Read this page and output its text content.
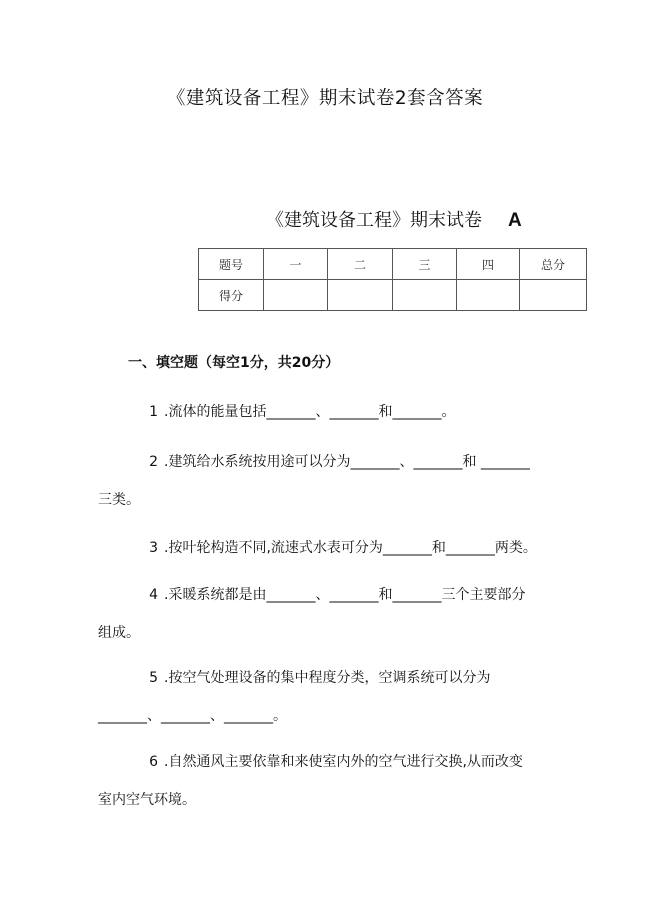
《建筑设备工程》期末试卷2套含答案
《建筑设备工程》期末试卷 A
题号	一	二	三	四	总分
得分					
一、填空题（每空1分，共20分）
1 .流体的能量包括_______、_______和_______。
2 .建筑给水系统按用途可以分为_______、_______和 _______
三类。
3 .按叶轮构造不同,流速式水表可分为_______和_______两类。
4 .采暖系统都是由_______、_______和_______三个主要部分
组成。
5 .按空气处理设备的集中程度分类，空调系统可以分为
_______、_______、_______。
6 .自然通风主要依靠和来使室内外的空气进行交换,从而改变
室内空气环境。
